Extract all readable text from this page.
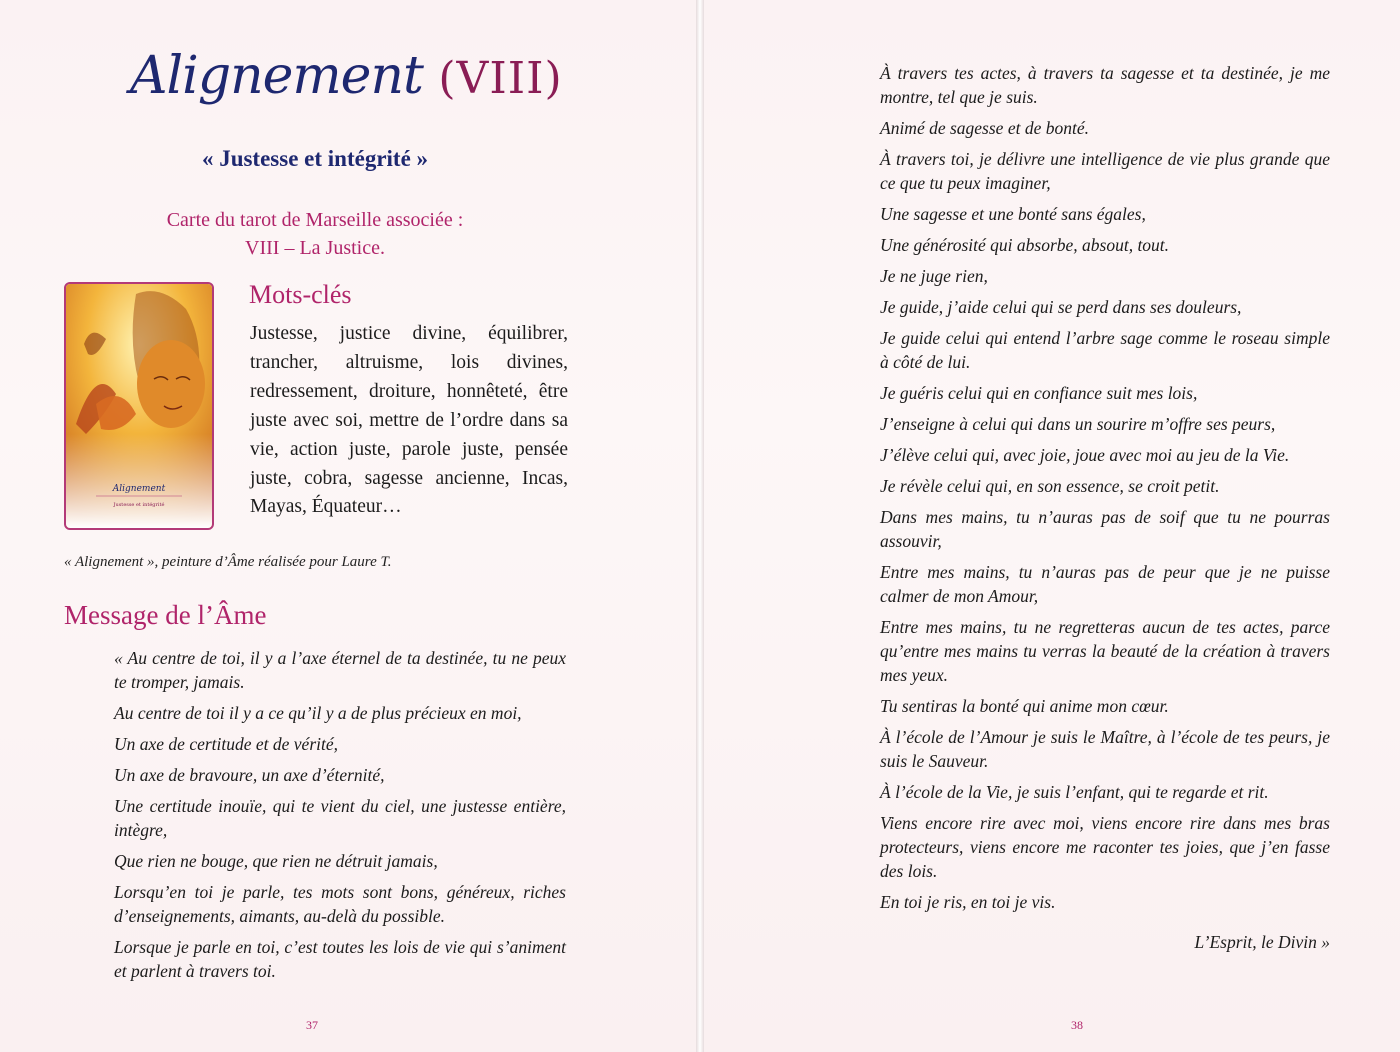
Alignement (VIII)
« Justesse et intégrité »
Carte du tarot de Marseille associée :
VIII – La Justice.
Alignement
Justesse et intégrité
Mots-clés
Justesse, justice divine, équilibrer, trancher, altruisme, lois divines, redressement, droiture, honnêteté, être juste avec soi, mettre de l’ordre dans sa vie, action juste, parole juste, pensée juste, cobra, sagesse ancienne, Incas, Mayas, Équateur…
« Alignement », peinture d’Âme réalisée pour Laure T.
Message de l’Âme

« Au centre de toi, il y a l’axe éternel de ta destinée, tu ne peux te tromper, jamais.

Au centre de toi il y a ce qu’il y a de plus précieux en moi,

Un axe de certitude et de vérité,

Un axe de bravoure, un axe d’éternité,

Une certitude inouïe, qui te vient du ciel, une justesse entière, intègre,

Que rien ne bouge, que rien ne détruit jamais,

Lorsqu’en toi je parle, tes mots sont bons, généreux, riches d’enseignements, aimants, au-delà du possible.

Lorsque je parle en toi, c’est toutes les lois de vie qui s’animent et parlent à travers toi.

37

À travers tes actes, à travers ta sagesse et ta destinée, je me montre, tel que je suis.

Animé de sagesse et de bonté.

À travers toi, je délivre une intelligence de vie plus grande que ce que tu peux imaginer,

Une sagesse et une bonté sans égales,

Une générosité qui absorbe, absout, tout.

Je ne juge rien,

Je guide, j’aide celui qui se perd dans ses douleurs,

Je guide celui qui entend l’arbre sage comme le roseau simple à côté de lui.

Je guéris celui qui en confiance suit mes lois,

J’enseigne à celui qui dans un sourire m’offre ses peurs,

J’élève celui qui, avec joie, joue avec moi au jeu de la Vie.

Je révèle celui qui, en son essence, se croit petit.

Dans mes mains, tu n’auras pas de soif que tu ne pourras assouvir,

Entre mes mains, tu n’auras pas de peur que je ne puisse calmer de mon Amour,

Entre mes mains, tu ne regretteras aucun de tes actes, parce qu’entre mes mains tu verras la beauté de la création à travers mes yeux.

Tu sentiras la bonté qui anime mon cœur.

À l’école de l’Amour je suis le Maître, à l’école de tes peurs, je suis le Sauveur.

À l’école de la Vie, je suis l’enfant, qui te regarde et rit.

Viens encore rire avec moi, viens encore rire dans mes bras protecteurs, viens encore me raconter tes joies, que j’en fasse des lois.

En toi je ris, en toi je vis.

L’Esprit, le Divin »
38
